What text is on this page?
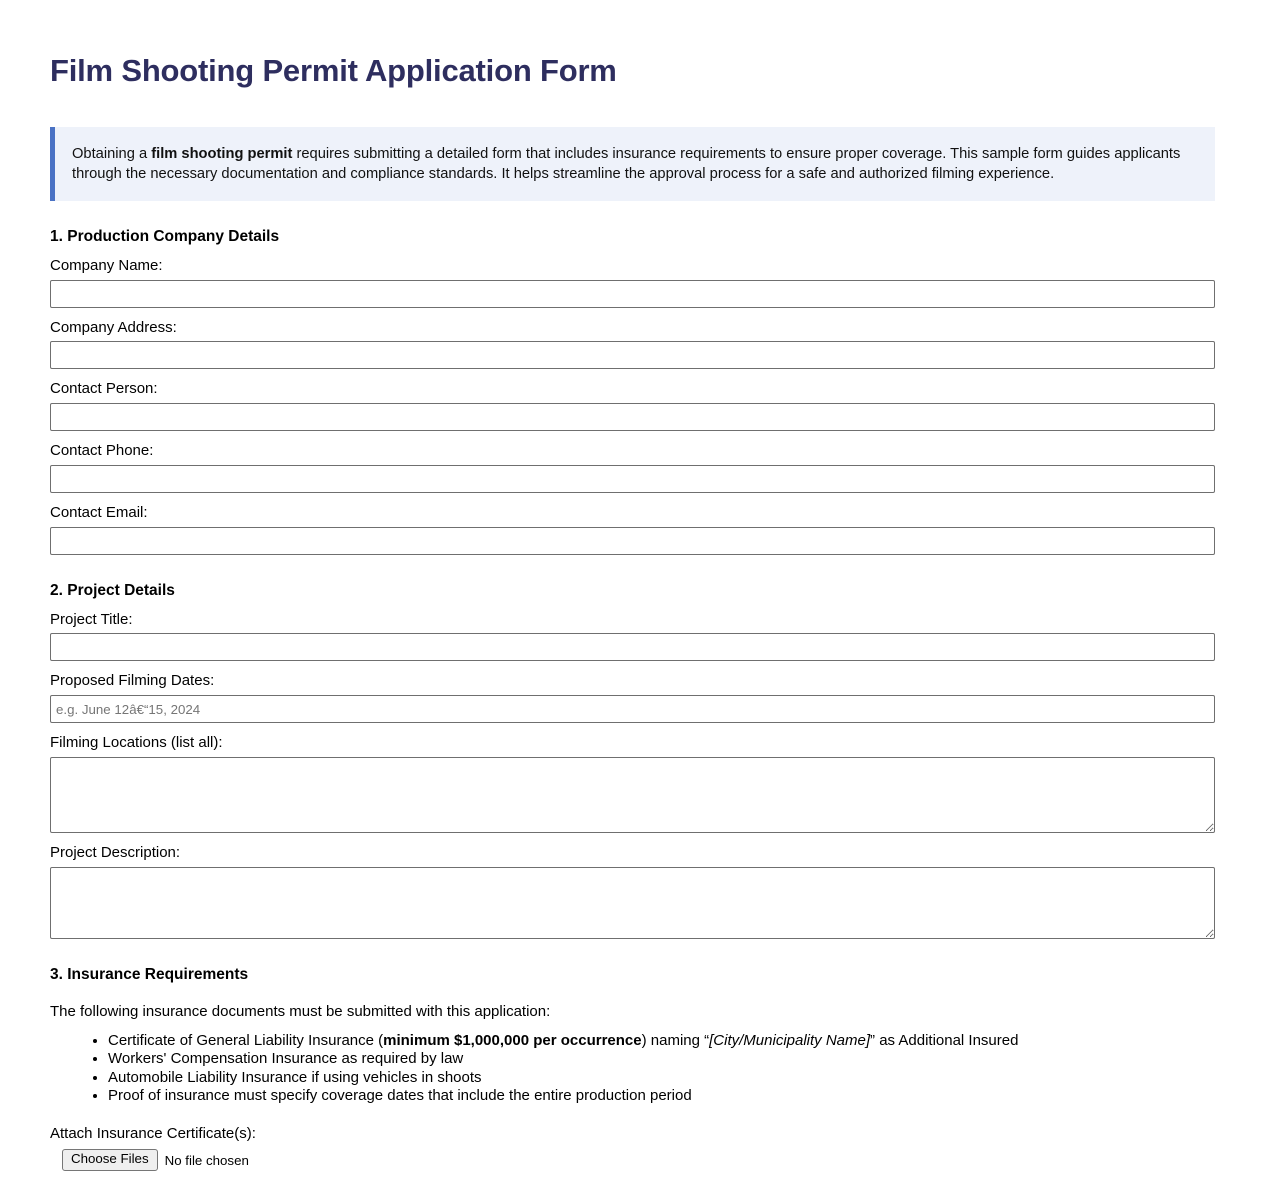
Film Shooting Permit Application Form

Obtaining a film shooting permit requires submitting a detailed form that includes insurance requirements to ensure proper coverage. This sample form guides applicants through the necessary documentation and compliance standards. It helps streamline the approval process for a safe and authorized filming experience.

1. Production Company Details
Company Name:
Company Address:
Contact Person:
Contact Phone:
Contact Email:
2. Project Details
Project Title:
Proposed Filming Dates:
e.g. June 12â€“15, 2024
Filming Locations (list all):
Project Description:
3. Insurance Requirements

The following insurance documents must be submitted with this application:

• Certificate of General Liability Insurance (minimum $1,000,000 per occurrence) naming “[City/Municipality Name]” as Additional Insured
• Workers' Compensation Insurance as required by law
• Automobile Liability Insurance if using vehicles in shoots
• Proof of insurance must specify coverage dates that include the entire production period
Attach Insurance Certificate(s):
Choose Files	No file chosen
